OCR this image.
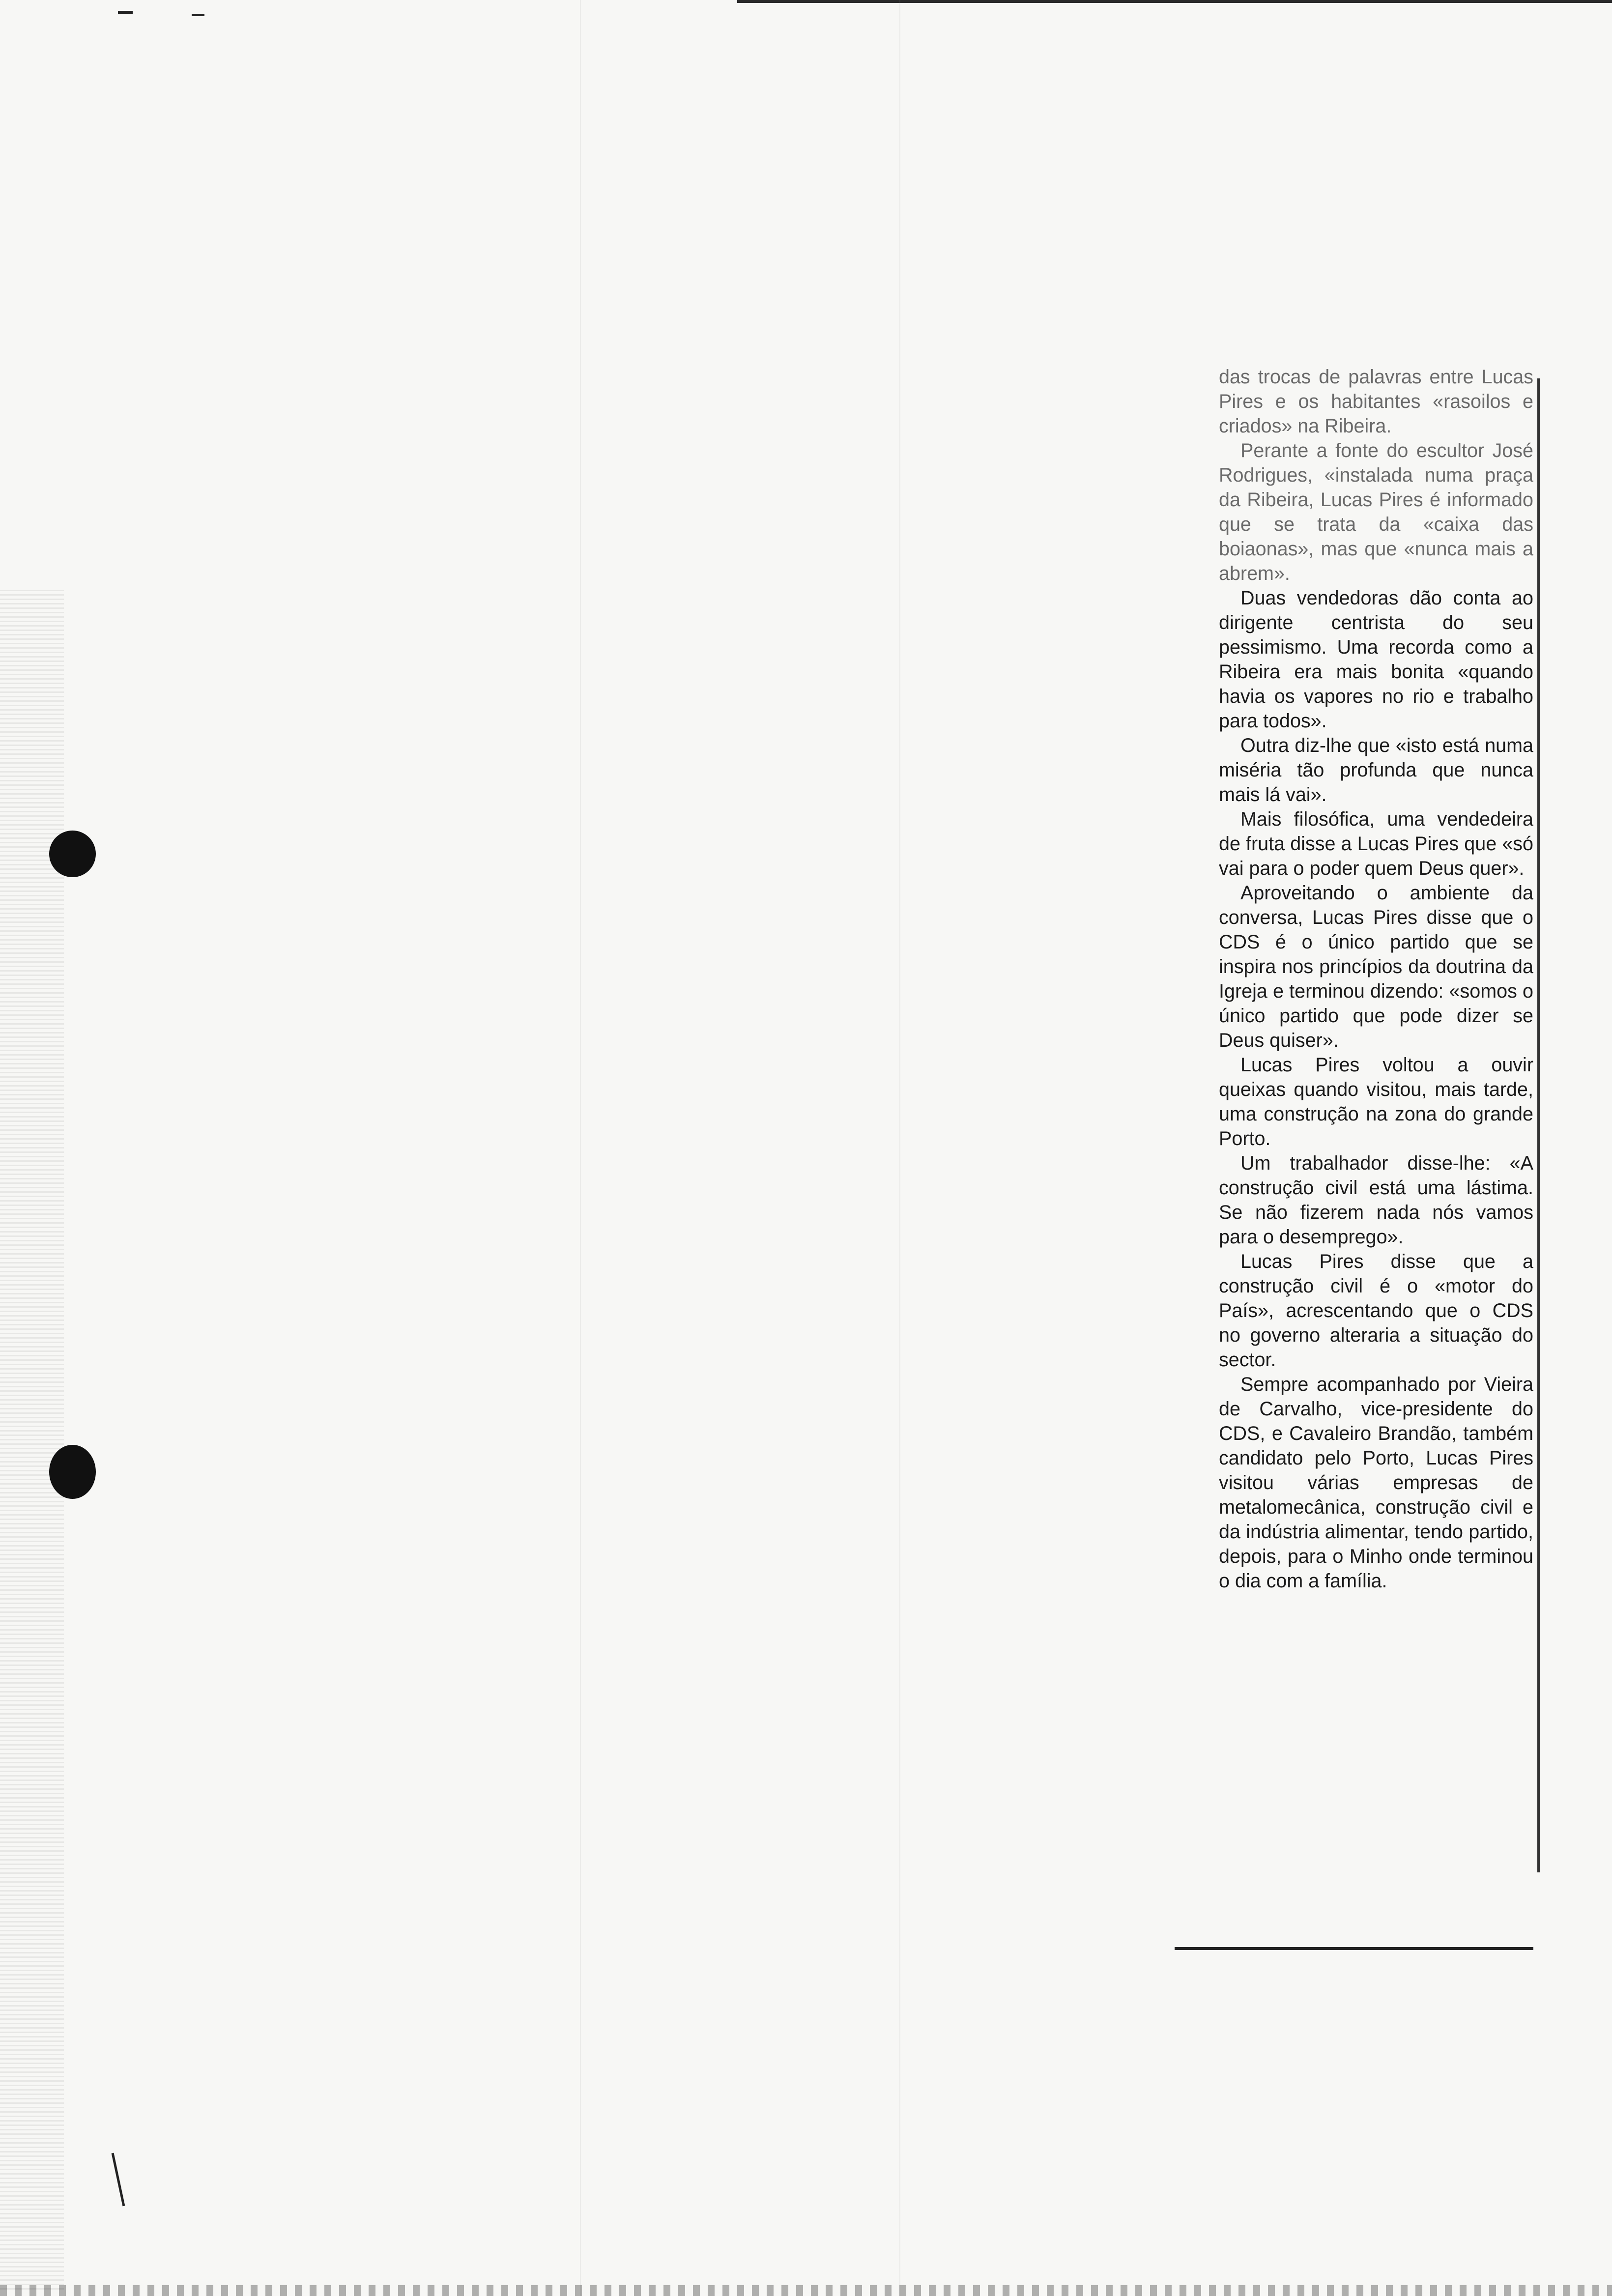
das trocas de palavras entre Lucas Pires e os habitantes «rasoilos e criados» na Ribeira.

Perante a fonte do escultor José Rodrigues, «instalada numa praça da Ribeira, Lucas Pires é informado que se trata da «caixa das boiaonas», mas que «nunca mais a abrem».

Duas vendedoras dão conta ao dirigente centrista do seu pessimismo. Uma recorda como a Ribeira era mais bonita «quando havia os vapores no rio e trabalho para todos».

Outra diz-lhe que «isto está numa miséria tão profunda que nunca mais lá vai».

Mais filosófica, uma vendedeira de fruta disse a Lucas Pires que «só vai para o poder quem Deus quer».

Aproveitando o ambiente da conversa, Lucas Pires disse que o CDS é o único partido que se inspira nos princípios da doutrina da Igreja e terminou dizendo: «somos o único partido que pode dizer se Deus quiser».

Lucas Pires voltou a ouvir queixas quando visitou, mais tarde, uma construção na zona do grande Porto.

Um trabalhador disse-lhe: «A construção civil está uma lástima. Se não fizerem nada nós vamos para o desemprego».

Lucas Pires disse que a construção civil é o «motor do País», acrescentando que o CDS no governo alteraria a situação do sector.

Sempre acompanhado por Vieira de Carvalho, vice-presidente do CDS, e Cavaleiro Brandão, também candidato pelo Porto, Lucas Pires visitou várias empresas de metalomecânica, construção civil e da indústria alimentar, tendo partido, depois, para o Minho onde terminou o dia com a família.
